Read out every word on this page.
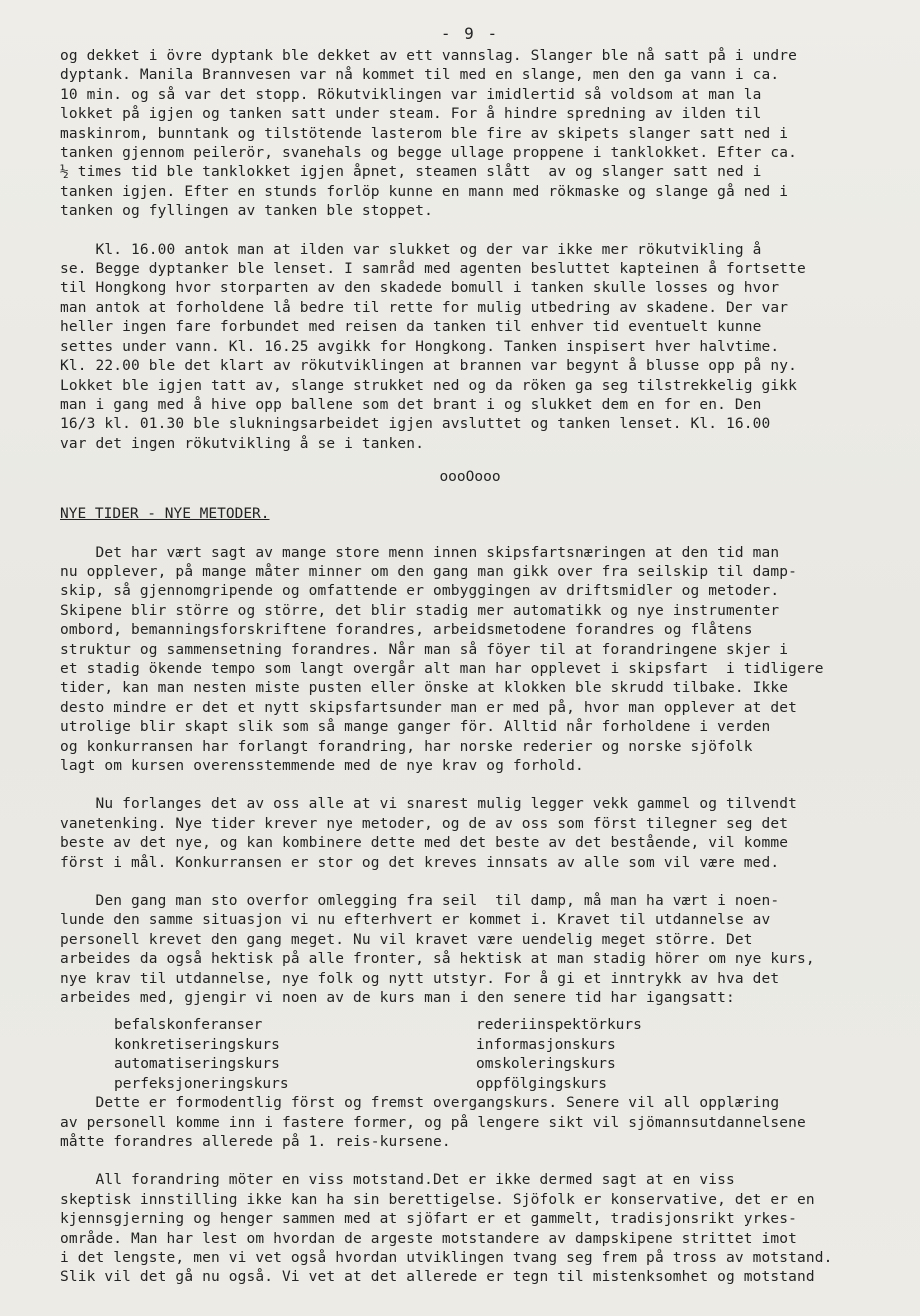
- 9 -
og dekket i övre dyptank ble dekket av ett vannslag. Slanger ble nå satt på i undre
dyptank. Manila Brannvesen var nå kommet til med en slange, men den ga vann i ca.
10 min. og så var det stopp. Rökutviklingen var imidlertid så voldsom at man la
lokket på igjen og tanken satt under steam. For å hindre spredning av ilden til
maskinrom, bunntank og tilstötende lasterom ble fire av skipets slanger satt ned i
tanken gjennom peilerör, svanehals og begge ullage proppene i tanklokket. Efter ca.
½ times tid ble tanklokket igjen åpnet, steamen slått  av og slanger satt ned i
tanken igjen. Efter en stunds forlöp kunne en mann med rökmaske og slange gå ned i
tanken og fyllingen av tanken ble stoppet.
Kl. 16.00 antok man at ilden var slukket og der var ikke mer rökutvikling å
se. Begge dyptanker ble lenset. I samråd med agenten besluttet kapteinen å fortsette
til Hongkong hvor storparten av den skadede bomull i tanken skulle losses og hvor
man antok at forholdene lå bedre til rette for mulig utbedring av skadene. Der var
heller ingen fare forbundet med reisen da tanken til enhver tid eventuelt kunne
settes under vann. Kl. 16.25 avgikk for Hongkong. Tanken inspisert hver halvtime.
Kl. 22.00 ble det klart av rökutviklingen at brannen var begynt å blusse opp på ny.
Lokket ble igjen tatt av, slange strukket ned og da röken ga seg tilstrekkelig gikk
man i gang med å hive opp ballene som det brant i og slukket dem en for en. Den
16/3 kl. 01.30 ble slukningsarbeidet igjen avsluttet og tanken lenset. Kl. 16.00
var det ingen rökutvikling å se i tanken.
oooOooo
NYE TIDER - NYE METODER.
Det har vært sagt av mange store menn innen skipsfartsnæringen at den tid man
nu opplever, på mange måter minner om den gang man gikk over fra seilskip til damp-
skip, så gjennomgripende og omfattende er ombyggingen av driftsmidler og metoder.
Skipene blir större og större, det blir stadig mer automatikk og nye instrumenter
ombord, bemanningsforskriftene forandres, arbeidsmetodene forandres og flåtens
struktur og sammensetning forandres. Når man så föyer til at forandringene skjer i
et stadig ökende tempo som langt overgår alt man har opplevet i skipsfart  i tidligere
tider, kan man nesten miste pusten eller önske at klokken ble skrudd tilbake. Ikke
desto mindre er det et nytt skipsfartsunder man er med på, hvor man opplever at det
utrolige blir skapt slik som så mange ganger för. Alltid når forholdene i verden
og konkurransen har forlangt forandring, har norske rederier og norske sjöfolk
lagt om kursen overensstemmende med de nye krav og forhold.
Nu forlanges det av oss alle at vi snarest mulig legger vekk gammel og tilvendt
vanetenking. Nye tider krever nye metoder, og de av oss som först tilegner seg det
beste av det nye, og kan kombinere dette med det beste av det bestående, vil komme
först i mål. Konkurransen er stor og det kreves innsats av alle som vil være med.
Den gang man sto overfor omlegging fra seil  til damp, må man ha vært i noen-
lunde den samme situasjon vi nu efterhvert er kommet i. Kravet til utdannelse av
personell krevet den gang meget. Nu vil kravet være uendelig meget större. Det
arbeides da også hektisk på alle fronter, så hektisk at man stadig hörer om nye kurs,
nye krav til utdannelse, nye folk og nytt utstyr. For å gi et inntrykk av hva det
arbeides med, gjengir vi noen av de kurs man i den senere tid har igangsatt:
befalskonferanser
konkretiseringskurs
automatiseringskurs
perfeksjoneringskurs
rederiinspektörkurs
informasjonskurs
omskoleringskurs
oppfölgingskurs
Dette er formodentlig först og fremst overgangskurs. Senere vil all opplæring
av personell komme inn i fastere former, og på lengere sikt vil sjömannsutdannelsene
måtte forandres allerede på 1. reis-kursene.
All forandring möter en viss motstand.Det er ikke dermed sagt at en viss
skeptisk innstilling ikke kan ha sin berettigelse. Sjöfolk er konservative, det er en
kjennsgjerning og henger sammen med at sjöfart er et gammelt, tradisjonsrikt yrkes-
område. Man har lest om hvordan de argeste motstandere av dampskipene strittet imot
i det lengste, men vi vet også hvordan utviklingen tvang seg frem på tross av motstand.
Slik vil det gå nu også. Vi vet at det allerede er tegn til mistenksomhet og motstand
